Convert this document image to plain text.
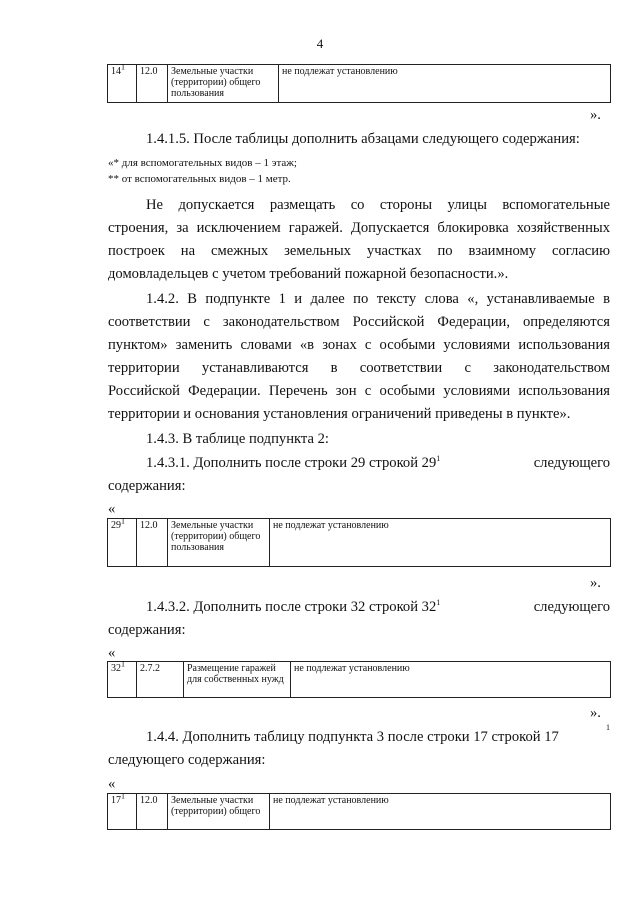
4
$14^1$	12.0	Земельные участки (территории) общего пользования	не подлежат установлению
».
1.4.1.5. После таблицы дополнить абзацами следующего содержания:
«* для вспомогательных видов – 1 этаж;
** от вспомогательных видов – 1 метр.
Не допускается размещать со стороны улицы вспомогательные
строения, за исключением гаражей. Допускается блокировка хозяйственных
построек на смежных земельных участках по взаимному согласию
домовладельцев с учетом требований пожарной безопасности.».
1.4.2. В подпункте 1 и далее по тексту слова «, устанавливаемые в
соответствии с законодательством Российской Федерации, определяются
пунктом» заменить словами «в зонах с особыми условиями использования
территории устанавливаются в соответствии с законодательством
Российской Федерации. Перечень зон с особыми условиями использования
территории и основания установления ограничений приведены в пункте».
1.4.3. В таблице подпункта 2:
1.4.3.1. Дополнить после строки 29 строкой $29^1$	следующего
содержания:
«
$29^1$	12.0	Земельные участки (территории) общего пользования	не подлежат установлению
».
1.4.3.2. Дополнить после строки 32 строкой $32^1$	следующего
содержания:
«
$32^1$	2.7.2	Размещение гаражей для собственных нужд	не подлежат установлению
».
1.4.4. Дополнить таблицу подпункта 3 после строки 17 строкой 17
1
следующего содержания:
«
$17^1$	12.0	Земельные участки (территории) общего	не подлежат установлению
